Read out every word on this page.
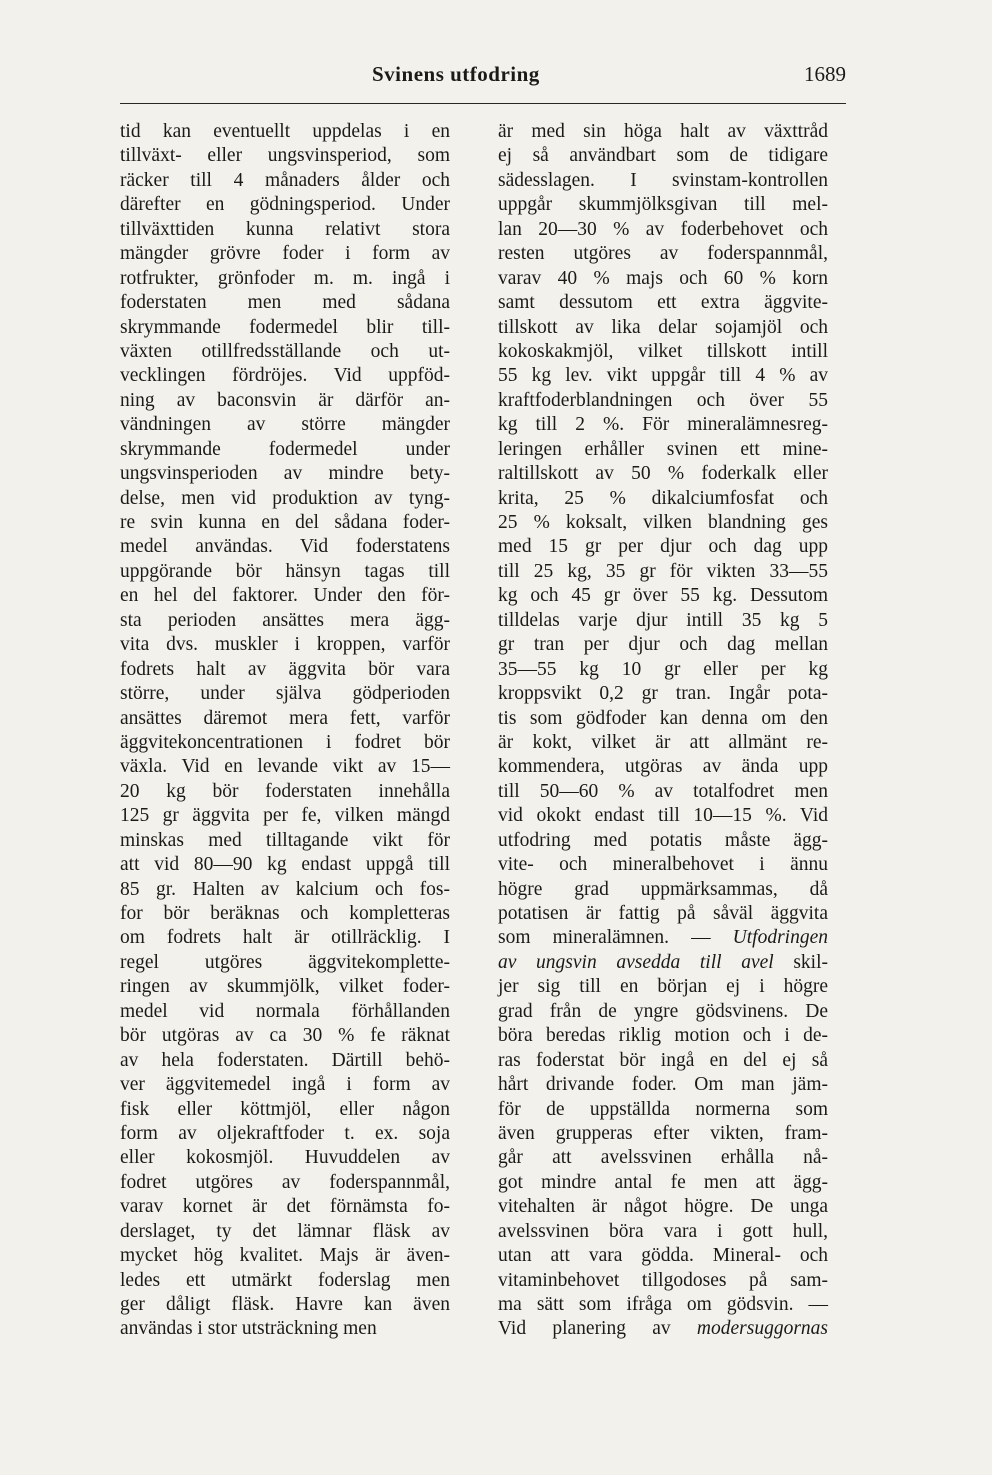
Svinens utfodring	1689
tid kan eventuellt uppdelas i en
tillväxt- eller ungsvinsperiod, som
räcker till 4 månaders ålder och
därefter en gödningsperiod. Under
tillväxttiden kunna relativt stora
mängder grövre foder i form av
rotfrukter, grönfoder m. m. ingå i
foderstaten men med sådana
skrymmande fodermedel blir till-
växten otillfredsställande och ut-
vecklingen fördröjes. Vid uppföd-
ning av baconsvin är därför an-
vändningen av större mängder
skrymmande fodermedel under
ungsvinsperioden av mindre bety-
delse, men vid produktion av tyng-
re svin kunna en del sådana foder-
medel användas. Vid foderstatens
uppgörande bör hänsyn tagas till
en hel del faktorer. Under den för-
sta perioden ansättes mera ägg-
vita dvs. muskler i kroppen, varför
fodrets halt av äggvita bör vara
större, under själva gödperioden
ansättes däremot mera fett, varför
äggvitekoncentrationen i fodret bör
växla. Vid en levande vikt av 15—
20 kg bör foderstaten innehålla
125 gr äggvita per fe, vilken mängd
minskas med tilltagande vikt för
att vid 80—90 kg endast uppgå till
85 gr. Halten av kalcium och fos-
for bör beräknas och kompletteras
om fodrets halt är otillräcklig. I
regel utgöres äggvitekomplette-
ringen av skummjölk, vilket foder-
medel vid normala förhållanden
bör utgöras av ca 30 % fe räknat
av hela foderstaten. Därtill behö-
ver äggvitemedel ingå i form av
fisk eller köttmjöl, eller någon
form av oljekraftfoder t. ex. soja
eller kokosmjöl. Huvuddelen av
fodret utgöres av foderspannmål,
varav kornet är det förnämsta fo-
derslaget, ty det lämnar fläsk av
mycket hög kvalitet. Majs är även-
ledes ett utmärkt foderslag men
ger dåligt fläsk. Havre kan även
användas i stor utsträckning men
är med sin höga halt av växttråd
ej så användbart som de tidigare
sädesslagen. I svinstam-kontrollen
uppgår skummjölksgivan till mel-
lan 20—30 % av foderbehovet och
resten utgöres av foderspannmål,
varav 40 % majs och 60 % korn
samt dessutom ett extra äggvite-
tillskott av lika delar sojamjöl och
kokoskakmjöl, vilket tillskott intill
55 kg lev. vikt uppgår till 4 % av
kraftfoderblandningen och över 55
kg till 2 %. För mineralämnesreg-
leringen erhåller svinen ett mine-
raltillskott av 50 % foderkalk eller
krita, 25 % dikalciumfosfat och
25 % koksalt, vilken blandning ges
med 15 gr per djur och dag upp
till 25 kg, 35 gr för vikten 33—55
kg och 45 gr över 55 kg. Dessutom
tilldelas varje djur intill 35 kg 5
gr tran per djur och dag mellan
35—55 kg 10 gr eller per kg
kroppsvikt 0,2 gr tran. Ingår pota-
tis som gödfoder kan denna om den
är kokt, vilket är att allmänt re-
kommendera, utgöras av ända upp
till 50—60 % av totalfodret men
vid okokt endast till 10—15 %. Vid
utfodring med potatis måste ägg-
vite- och mineralbehovet i ännu
högre grad uppmärksammas, då
potatisen är fattig på såväl äggvita
som mineralämnen. — Utfodringen
av ungsvin avsedda till avel skil-
jer sig till en början ej i högre
grad från de yngre gödsvinens. De
böra beredas riklig motion och i de-
ras foderstat bör ingå en del ej så
hårt drivande foder. Om man jäm-
för de uppställda normerna som
även grupperas efter vikten, fram-
går att avelssvinen erhålla nå-
got mindre antal fe men att ägg-
vitehalten är något högre. De unga
avelssvinen böra vara i gott hull,
utan att vara gödda. Mineral- och
vitaminbehovet tillgodoses på sam-
ma sätt som ifråga om gödsvin. —
Vid planering av modersuggornas
